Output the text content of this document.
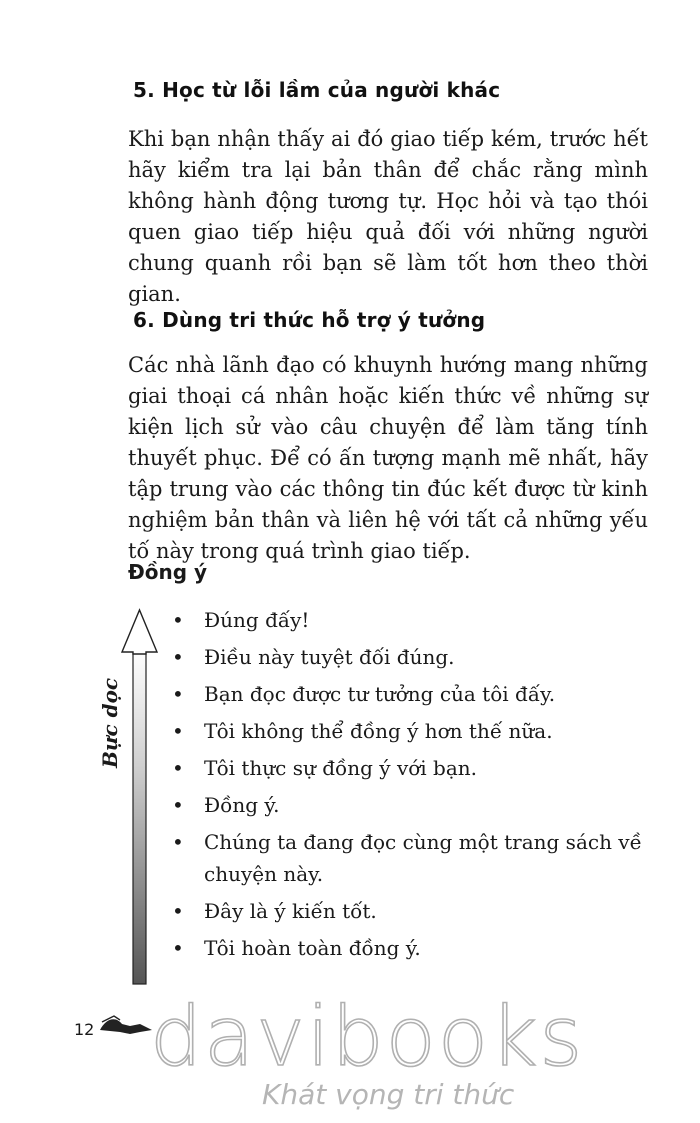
5. Học từ lỗi lầm của người khác
Khi bạn nhận thấy ai đó giao tiếp kém, trước hết hãy kiểm tra lại bản thân để chắc rằng mình không hành động tương tự. Học hỏi và tạo thói quen giao tiếp hiệu quả đối với những người chung quanh rồi bạn sẽ làm tốt hơn theo thời gian.
6. Dùng tri thức hỗ trợ ý tưởng
Các nhà lãnh đạo có khuynh hướng mang những giai thoại cá nhân hoặc kiến thức về những sự kiện lịch sử vào câu chuyện để làm tăng tính thuyết phục. Để có ấn tượng mạnh mẽ nhất, hãy tập trung vào các thông tin đúc kết được từ kinh nghiệm bản thân và liên hệ với tất cả những yếu tố này trong quá trình giao tiếp.
Đồng ý
Bực dọc
• Đúng đấy!
• Điều này tuyệt đối đúng.
• Bạn đọc được tư tưởng của tôi đấy.
• Tôi không thể đồng ý hơn thế nữa.
• Tôi thực sự đồng ý với bạn.
• Đồng ý.
• Chúng ta đang đọc cùng một trang sách về chuyện này.
• Đây là ý kiến tốt.
• Tôi hoàn toàn đồng ý.
12 davibooks
Khát vọng tri thức
